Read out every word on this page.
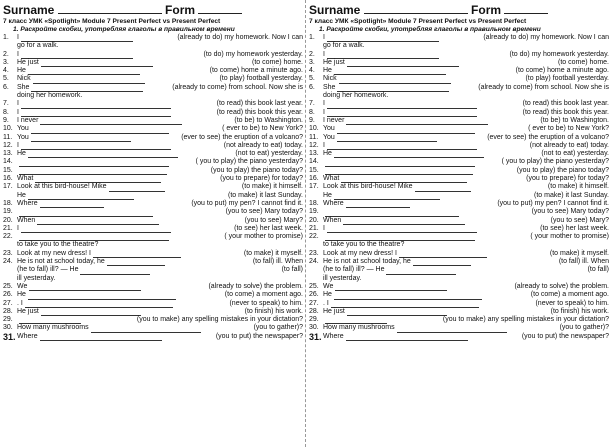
Surname	Form
7 класс УМК «Spotlight» Module 7 Present Perfect vs Present Perfect
1. Раскройте скобки, употребляя глаголы в правильном времени
1.	I	(already to do) my homework. Now I can
go for a walk.
2.	I	(to do) my homework yesterday.
3.	He just	(to come) home.
4.	He	(to come) home a minute ago.
5.	Nick	(to play) football yesterday.
6.	She	(already to come) from school. Now she is
doing her homework.
7.	I	(to read) this book last year.
8.	I	(to read) this book this year.
9.	I never	(to be) to Washington.
10. You	( ever to be) to New York?
11. You	(ever to see) the eruption of a volcano?
12. I	(not already to eat) today.
13. He	(not to eat) yesterday.
14.	( you to play) the piano yesterday?
15.	(you to play) the piano today?
16. What	(you to prepare) for today?
17. Look at this bird-house! Mike	(to make) it himself.
He	(to make) it last Sunday.
18. Where	(you to put) my pen? I cannot find it.
19.	(you to see) Mary today?
20. When	(you to see) Mary?
21. I	(to see) her last week.
22.	( your mother to promise)
to take you to the theatre?
23. Look at my new dress! I	(to make) it myself.
24. He is not at school today, he	(to fall) ill. When
(he to fall) ill? — He	(to fall)
ill yesterday.
25. We	(already to solve) the problem.
26. He	(to come) a moment ago.
27. . I	(never to speak) to him.
28. He just	(to finish) his work.
29.	(you to make) any spelling mistakes in your dictation?
30. How many mushrooms	(you to gather)?
31. Where	(you to put) the newspaper?
Surname	Form
7 класс УМК «Spotlight» Module 7 Present Perfect vs Present Perfect
1. Раскройте скобки, употребляя глаголы в правильном времени
1.	I	(already to do) my homework. Now I can
go for a walk.
2.	I	(to do) my homework yesterday.
3.	He just	(to come) home.
4.	He	(to come) home a minute ago.
5.	Nick	(to play) football yesterday.
6.	She	(already to come) from school. Now she is
doing her homework.
7.	I	(to read) this book last year.
8.	I	(to read) this book this year.
9.	I never	(to be) to Washington.
10. You	( ever to be) to New York?
11. You	(ever to see) the eruption of a volcano?
12. I	(not already to eat) today.
13. He	(not to eat) yesterday.
14.	( you to play) the piano yesterday?
15.	(you to play) the piano today?
16. What	(you to prepare) for today?
17. Look at this bird-house! Mike	(to make) it himself.
He	(to make) it last Sunday.
18. Where	(you to put) my pen? I cannot find it.
19.	(you to see) Mary today?
20. When	(you to see) Mary?
21. I	(to see) her last week.
22.	( your mother to promise)
to take you to the theatre?
23. Look at my new dress! I	(to make) it myself.
24. He is not at school today, he	(to fall) ill. When
(he to fall) ill? — He	(to fall)
ill yesterday.
25. We	(already to solve) the problem.
26. He	(to come) a moment ago.
27. . I	(never to speak) to him.
28. He just	(to finish) his work.
29.	(you to make) any spelling mistakes in your dictation?
30. How many mushrooms	(you to gather)?
31. Where	(you to put) the newspaper?
